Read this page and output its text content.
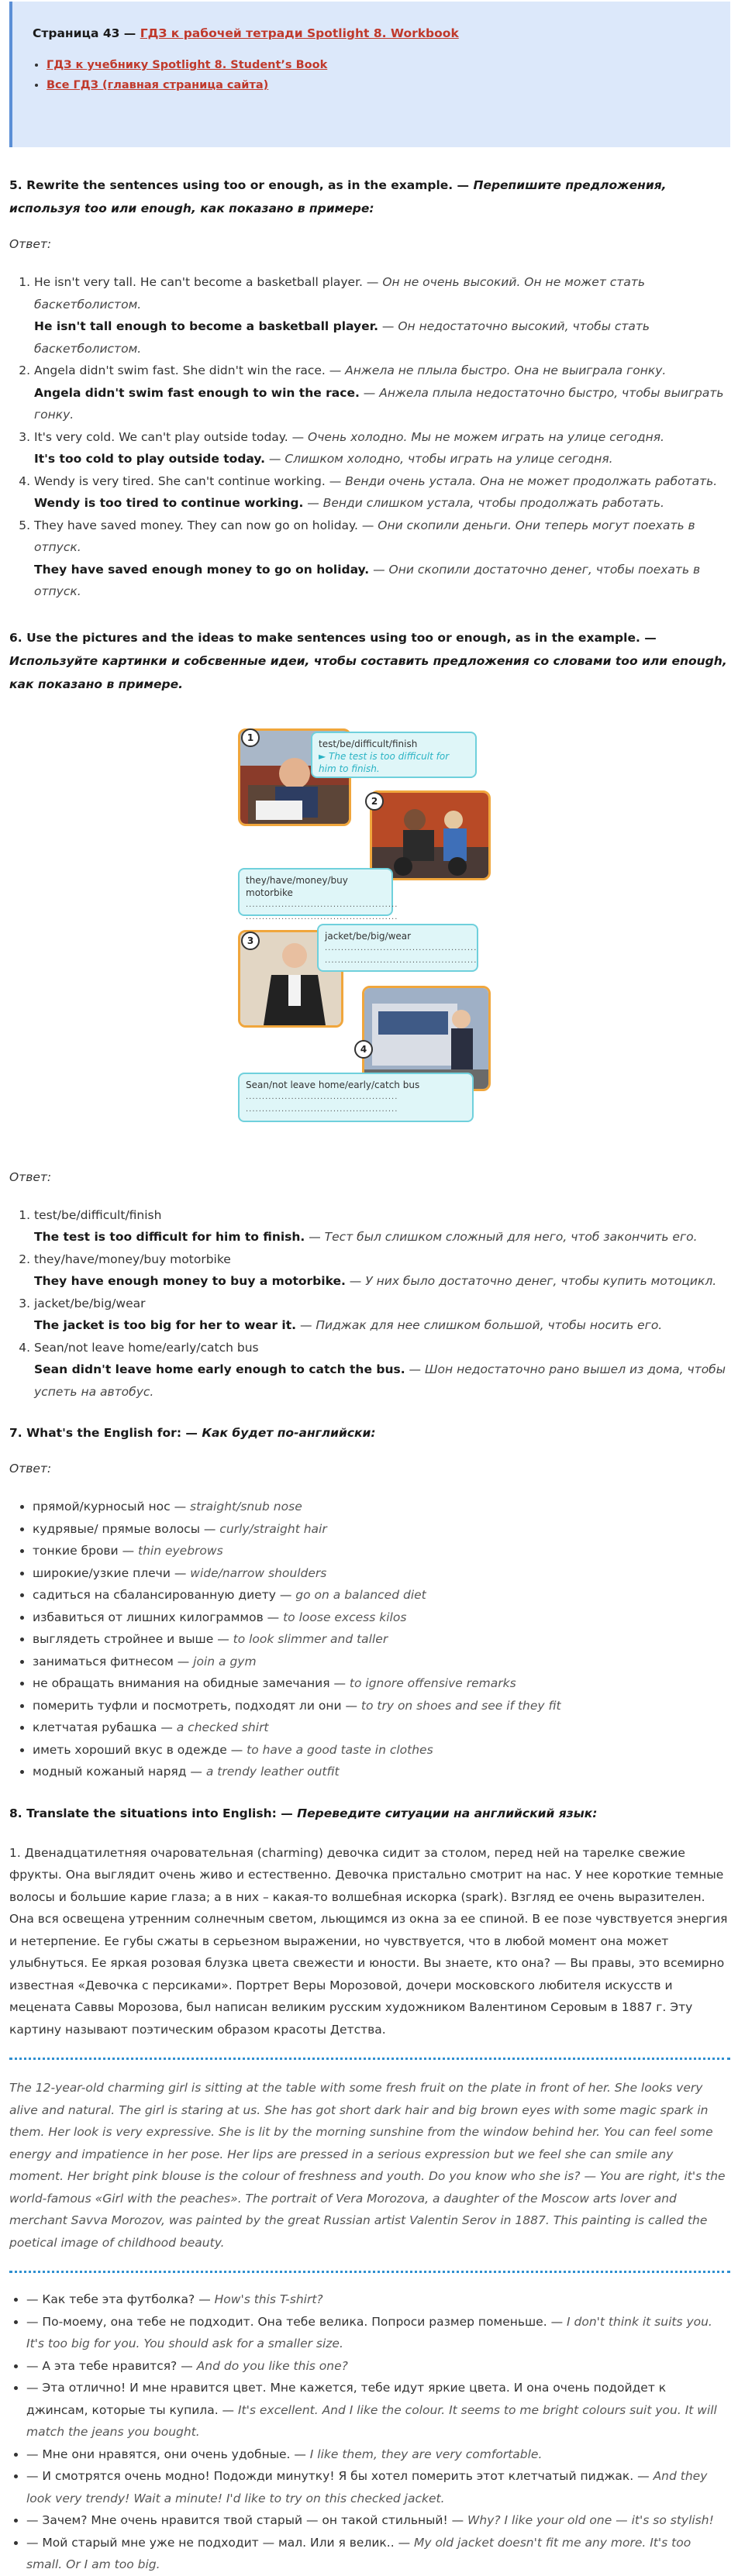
Страница 43 — ГДЗ к рабочей тетради Spotlight 8. Workbook
• ГДЗ к учебнику Spotlight 8. Student’s Book
• Все ГДЗ (главная страница сайта)
5. Rewrite the sentences using too or enough, as in the example. — Перепишите предложения, используя too или enough, как показано в примере:
Ответ:
1. He isn't very tall. He can't become a basketball player. — Он не очень высокий. Он не может стать баскетболистом.
He isn't tall enough to become a basketball player. — Он недостаточно высокий, чтобы стать баскетболистом.
2. Angela didn't swim fast. She didn't win the race. — Анжела не плыла быстро. Она не выиграла гонку.
Angela didn't swim fast enough to win the race. — Анжела плыла недостаточно быстро, чтобы выиграть гонку.
3. It's very cold. We can't play outside today. — Очень холодно. Мы не можем играть на улице сегодня.
It's too cold to play outside today. — Слишком холодно, чтобы играть на улице сегодня.
4. Wendy is very tired. She can't continue working. — Венди очень устала. Она не может продолжать работать.
Wendy is too tired to continue working. — Венди слишком устала, чтобы продолжать работать.
5. They have saved money. They can now go on holiday. — Они скопили деньги. Они теперь могут поехать в отпуск.
They have saved enough money to go on holiday. — Они скопили достаточно денег, чтобы поехать в отпуск.
6. Use the pictures and the ideas to make sentences using too or enough, as in the example. — Используйте картинки и собсвенные идеи, чтобы составить предложения со словами too или enough, как показано в примере.
1
test/be/difficult/finish
► The test is too difficult for him to finish.
2
they/have/money/buy motorbike
...............................................
...............................................
3	jacket/be/big/wear
...............................................
...............................................
4
Sean/not leave home/early/catch bus
...............................................
...............................................
Ответ:
1. test/be/difficult/finish
The test is too difficult for him to finish. — Тест был слишком сложный для него, чтоб закончить его.
2. they/have/money/buy motorbike
They have enough money to buy a motorbike. — У них было достаточно денег, чтобы купить мотоцикл.
3. jacket/be/big/wear
The jacket is too big for her to wear it. — Пиджак для нее слишком большой, чтобы носить его.
4. Sean/not leave home/early/catch bus
Sean didn't leave home early enough to catch the bus. — Шон недостаточно рано вышел из дома, чтобы успеть на автобус.
7. What's the English for: — Как будет по-английски:
Ответ:
• прямой/курносый нос — straight/snub nose
• кудрявые/ прямые волосы — curly/straight hair
• тонкие брови — thin eyebrows
• широкие/узкие плечи — wide/narrow shoulders
• садиться на сбалансированную диету — go on a balanced diet
• избавиться от лишних килограммов — to loose excess kilos
• выглядеть стройнее и выше — to look slimmer and taller
• заниматься фитнесом — join a gym
• не обращать внимания на обидные замечания — to ignore offensive remarks
• померить туфли и посмотреть, подходят ли они — to try on shoes and see if they fit
• клетчатая рубашка — a checked shirt
• иметь хороший вкус в одежде — to have a good taste in clothes
• модный кожаный наряд — a trendy leather outfit
8. Translate the situations into English: — Переведите ситуации на английский язык:

1. Двенадцатилетняя очаровательная (charming) девочка сидит за столом, перед ней на тарелке свежие фрукты. Она выглядит очень живо и естественно. Девочка пристально смотрит на нас. У нее короткие темные волосы и большие карие глаза; а в них – какая-то волшебная искорка (spark). Взгляд ее очень выразителен. Она вся освещена утренним солнечным светом, льющимся из окна за ее спиной. В ее позе чувствуется энергия и нетерпение. Ее губы сжаты в серьезном выражении, но чувствуется, что в любой момент она может улыбнуться. Ее яркая розовая блузка цвета свежести и юности. Вы знаете, кто она? — Вы правы, это всемирно известная «Девочка с персиками». Портрет Веры Морозовой, дочери московского любителя искусств и мецената Саввы Морозова, был написан великим русским художником Валентином Серовым в 1887 г. Эту картину называют поэтическим образом красоты Детства.

The 12-year-old charming girl is sitting at the table with some fresh fruit on the plate in front of her. She looks very alive and natural. The girl is staring at us. She has got short dark hair and big brown eyes with some magic spark in them. Her look is very expressive. She is lit by the morning sunshine from the window behind her. You can feel some energy and impatience in her pose. Her lips are pressed in a serious expression but we feel she can smile any moment. Her bright pink blouse is the colour of freshness and youth. Do you know who she is? — You are right, it's the world-famous «Girl with the peaches». The portrait of Vera Morozova, a daughter of the Moscow arts lover and merchant Savva Morozov, was painted by the great Russian artist Valentin Serov in 1887. This painting is called the poetical image of childhood beauty.

• — Как тебе эта футболка? — How's this T-shirt?
• — По-моему, она тебе не подходит. Она тебе велика. Попроси размер поменьше. — I don't think it suits you. It's too big for you. You should ask for a smaller size.
• — А эта тебе нравится? — And do you like this one?
• — Эта отлично! И мне нравится цвет. Мне кажется, тебе идут яркие цвета. И она очень подойдет к джинсам, которые ты купила. — It's excellent. And I like the colour. It seems to me bright colours suit you. It will match the jeans you bought.
• — Мне они нравятся, они очень удобные. — I like them, they are very comfortable.
• — И смотрятся очень модно! Подожди минутку! Я бы хотел померить этот клетчатый пиджак. — And they look very trendy! Wait a minute! I'd like to try on this checked jacket.
• — Зачем? Мне очень нравится твой старый — он такой стильный! — Why? I like your old one — it's so stylish!
• — Мой старый мне уже не подходит — мал. Или я велик.. — My old jacket doesn't fit me any more. It's too small. Or I am too big.
